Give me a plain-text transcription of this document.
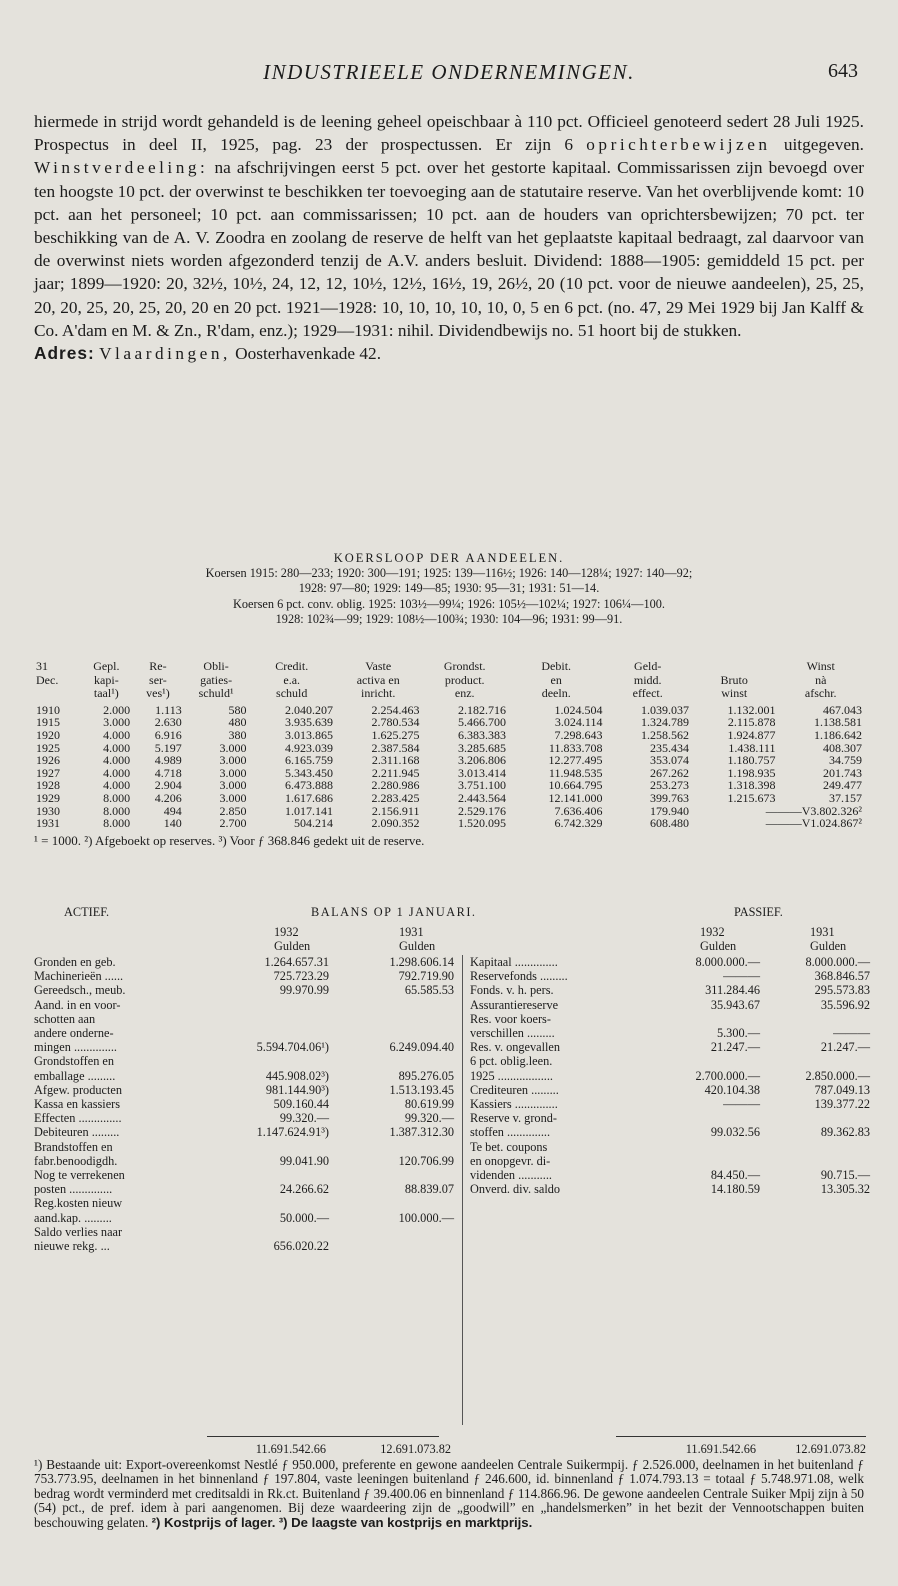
INDUSTRIEELE ONDERNEMINGEN.	643

hiermede in strijd wordt gehandeld is de leening geheel opeischbaar à 110 pct. Officieel genoteerd sedert 28 Juli 1925. Prospectus in deel II, 1925, pag. 23 der prospectussen. Er zijn 6 oprichterbewijzen uitgegeven. Winstverdeeling: na afschrijvingen eerst 5 pct. over het gestorte kapitaal. Commissarissen zijn bevoegd over ten hoogste 10 pct. der overwinst te beschikken ter toevoeging aan de statutaire reserve. Van het overblijvende komt: 10 pct. aan het personeel; 10 pct. aan commissarissen; 10 pct. aan de houders van oprichtersbewijzen; 70 pct. ter beschikking van de A. V. Zoodra en zoolang de reserve de helft van het geplaatste kapitaal bedraagt, zal daarvoor van de overwinst niets worden afgezonderd tenzij de A.V. anders besluit. Dividend: 1888—1905: gemiddeld 15 pct. per jaar; 1899—1920: 20, 32½, 10½, 24, 12, 12, 10½, 12½, 16½, 19, 26½, 20 (10 pct. voor de nieuwe aandeelen), 25, 25, 20, 20, 25, 20, 25, 20, 20 en 20 pct. 1921—1928: 10, 10, 10, 10, 10, 0, 5 en 6 pct. (no. 47, 29 Mei 1929 bij Jan Kalff & Co. A'dam en M. & Zn., R'dam, enz.); 1929—1931: nihil. Dividendbewijs no. 51 hoort bij de stukken.

Adres: Vlaardingen, Oosterhavenkade 42.

KOERSLOOP DER AANDEELEN.
Koersen 1915: 280—233; 1920: 300—191; 1925: 139—116½; 1926: 140—128¼; 1927: 140—92;
1928: 97—80; 1929: 149—85; 1930: 95—31; 1931: 51—14.
Koersen 6 pct. conv. oblig. 1925: 103½—99¼; 1926: 105½—102¼; 1927: 106¼—100.
1928: 102¾—99; 1929: 108½—100¾; 1930: 104—96; 1931: 99—91.
31	Gepl.	Re-	Obli-	Credit.	Vaste	Grondst.	Debit.	Geld-		Winst
Dec.	kapi-	ser-	gaties-	e.a.	activa en	product.	en	midd.	Bruto	nà
	taal¹)	ves¹)	schuld¹	schuld	inricht.	enz.	deeln.	effect.	winst	afschr.
1910	2.000	1.113	580	2.040.207	2.254.463	2.182.716	1.024.504	1.039.037	1.132.001	467.043
1915	3.000	2.630	480	3.935.639	2.780.534	5.466.700	3.024.114	1.324.789	2.115.878	1.138.581
1920	4.000	6.916	380	3.013.865	1.625.275	6.383.383	7.298.643	1.258.562	1.924.877	1.186.642
1925	4.000	5.197	3.000	4.923.039	2.387.584	3.285.685	11.833.708	235.434	1.438.111	408.307
1926	4.000	4.989	3.000	6.165.759	2.311.168	3.206.806	12.277.495	353.074	1.180.757	34.759
1927	4.000	4.718	3.000	5.343.450	2.211.945	3.013.414	11.948.535	267.262	1.198.935	201.743
1928	4.000	2.904	3.000	6.473.888	2.280.986	3.751.100	10.664.795	253.273	1.318.398	249.477
1929	8.000	4.206	3.000	1.617.686	2.283.425	2.443.564	12.141.000	399.763	1.215.673	37.157
1930	8.000	494	2.850	1.017.141	2.156.911	2.529.176	7.636.406	179.940	———V3.802.326²	
1931	8.000	140	2.700	504.214	2.090.352	1.520.095	6.742.329	608.480	———V1.024.867²	
¹ = 1000. ²) Afgeboekt op reserves. ³) Voor ƒ 368.846 gedekt uit de reserve.
ACTIEF.	BALANS OP 1 JANUARI.	PASSIEF.
1932

Gulden
1931

Gulden
1932

Gulden
1931

Gulden
Gronden en geb.	1.264.657.31	1.298.606.14
Machinerieën ......	725.723.29	792.719.90
Gereedsch., meub.	99.970.99	65.585.53
Aand. in en voor-
schotten aan
andere onderne-
mingen ..............	5.594.704.06¹)	6.249.094.40
Grondstoffen en
emballage .........	445.908.02³)	895.276.05
Afgew. producten	981.144.90³)	1.513.193.45
Kassa en kassiers	509.160.44	80.619.99
Effecten ..............	99.320.—	99.320.—
Debiteuren .........	1.147.624.91³)	1.387.312.30
Brandstoffen en
fabr.benoodigdh.	99.041.90	120.706.99
Nog te verrekenen
posten ..............	24.266.62	88.839.07
Reg.kosten nieuw
aand.kap. .........	50.000.—	100.000.—
Saldo verlies naar
nieuwe rekg. ...	656.020.22
Kapitaal ..............	8.000.000.—	8.000.000.—
Reservefonds .........	———	368.846.57
Fonds. v. h. pers.	311.284.46	295.573.83
Assurantiereserve	35.943.67	35.596.92
Res. voor koers-
verschillen .........	5.300.—	———
Res. v. ongevallen	21.247.—	21.247.—
6 pct. oblig.leen.
1925 ..................	2.700.000.—	2.850.000.—
Crediteuren .........	420.104.38	787.049.13
Kassiers ..............	———	139.377.22
Reserve v. grond-
stoffen ..............	99.032.56	89.362.83
Te bet. coupons
en onopgevr. di-
videnden ...........	84.450.—	90.715.—
Onverd. div. saldo	14.180.59	13.305.32
11.691.542.66	12.691.073.82	11.691.542.66	12.691.073.82
¹) Bestaande uit: Export-overeenkomst Nestlé ƒ 950.000, preferente en gewone aandeelen Centrale Suikermpij. ƒ 2.526.000, deelnamen in het buitenland ƒ 753.773.95, deelnamen in het binnenland ƒ 197.804, vaste leeningen buitenland ƒ 246.600, id. binnenland ƒ 1.074.793.13 = totaal ƒ 5.748.971.08, welk bedrag wordt verminderd met creditsaldi in Rk.ct. Buitenland ƒ 39.400.06 en binnenland ƒ 114.866.96. De gewone aandeelen Centrale Suiker Mpij zijn à 50 (54) pct., de pref. idem à pari aangenomen. Bij deze waardeering zijn de „goodwill” en „handelsmerken” in het bezit der Vennootschappen buiten beschouwing gelaten. ²) Kostprijs of lager. ³) De laagste van kostprijs en marktprijs.
